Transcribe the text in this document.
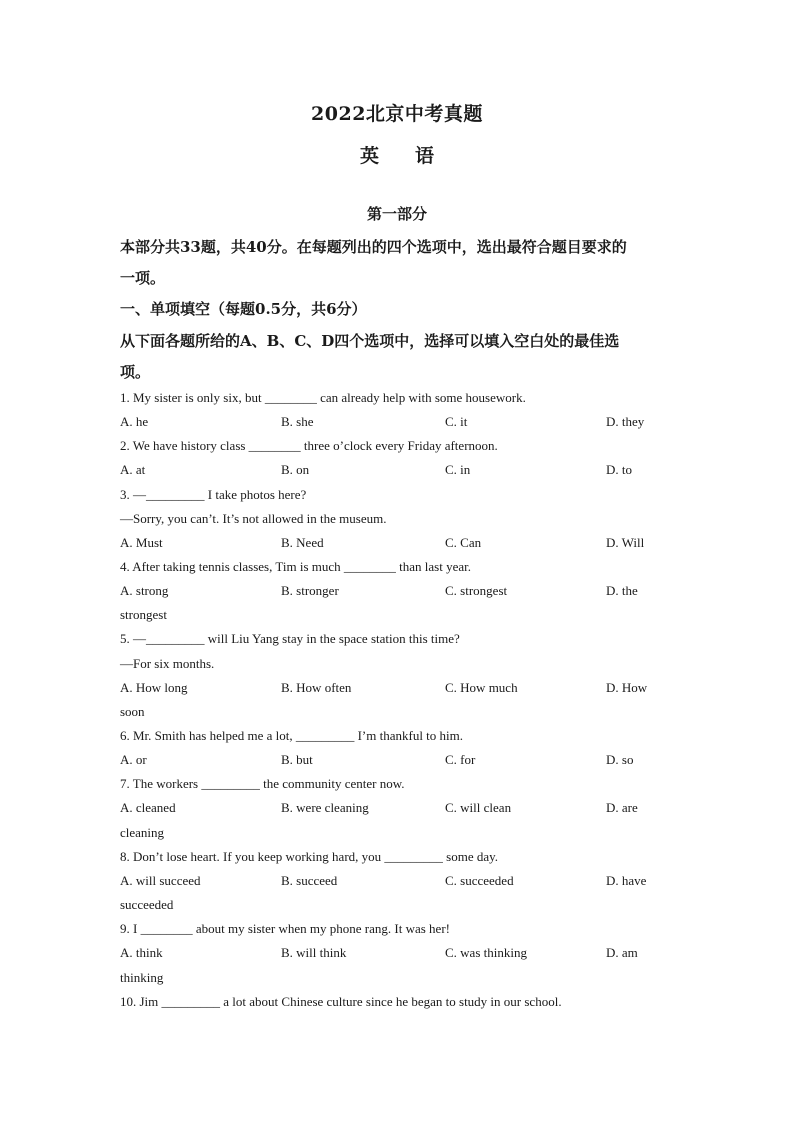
2022北京中考真题
英 语
第一部分
本部分共33题，共40分。在每题列出的四个选项中，选出最符合题目要求的
一项。
一、单项填空（每题0.5分，共6分）
从下面各题所给的A、B、C、D四个选项中，选择可以填入空白处的最佳选
项。
1. My sister is only six, but ________ can already help with some housework.
A. he	B. she	C. it	D. they
2. We have history class ________ three o’clock every Friday afternoon.
A. at	B. on	C. in	D. to
3. —_________ I take photos here?
—Sorry, you can’t. It’s not allowed in the museum.
A. Must	B. Need	C. Can	D. Will
4. After taking tennis classes, Tim is much ________ than last year.
A. strong	B. stronger	C. strongest	D. the
strongest
5. —_________ will Liu Yang stay in the space station this time?
—For six months.
A. How long	B. How often	C. How much	D. How
soon
6. Mr. Smith has helped me a lot, _________ I’m thankful to him.
A. or	B. but	C. for	D. so
7. The workers _________ the community center now.
A. cleaned	B. were cleaning	C. will clean	D. are
cleaning
8. Don’t lose heart. If you keep working hard, you _________ some day.
A. will succeed	B. succeed	C. succeeded	D. have
succeeded
9. I ________ about my sister when my phone rang. It was her!
A. think	B. will think	C. was thinking	D. am
thinking
10. Jim _________ a lot about Chinese culture since he began to study in our school.
